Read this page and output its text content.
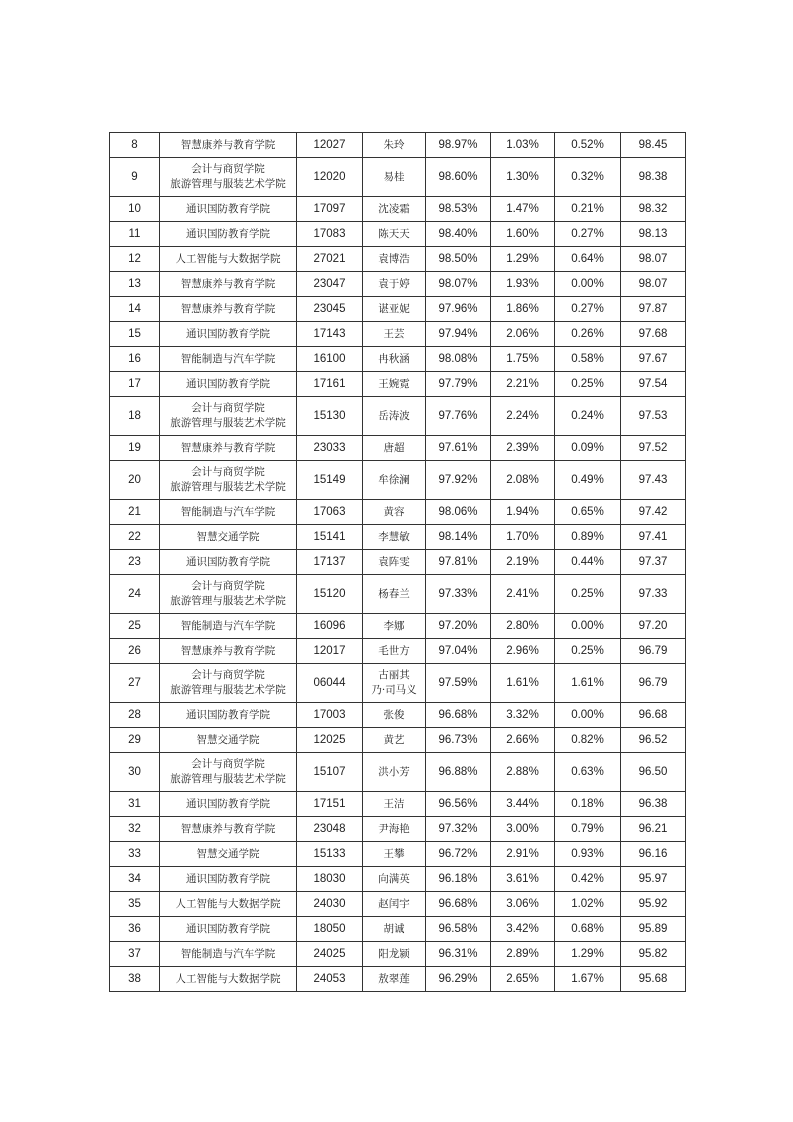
8	智慧康养与教育学院	12027	朱玲	98.97%	1.03%	0.52%	98.45
9	会计与商贸学院
旅游管理与服装艺术学院	12020	易桂	98.60%	1.30%	0.32%	98.38
10	通识国防教育学院	17097	沈凌霜	98.53%	1.47%	0.21%	98.32
11	通识国防教育学院	17083	陈天天	98.40%	1.60%	0.27%	98.13
12	人工智能与大数据学院	27021	袁博浩	98.50%	1.29%	0.64%	98.07
13	智慧康养与教育学院	23047	袁于婷	98.07%	1.93%	0.00%	98.07
14	智慧康养与教育学院	23045	谌亚妮	97.96%	1.86%	0.27%	97.87
15	通识国防教育学院	17143	王芸	97.94%	2.06%	0.26%	97.68
16	智能制造与汽车学院	16100	冉秋涵	98.08%	1.75%	0.58%	97.67
17	通识国防教育学院	17161	王婉霓	97.79%	2.21%	0.25%	97.54
18	会计与商贸学院
旅游管理与服装艺术学院	15130	岳涛波	97.76%	2.24%	0.24%	97.53
19	智慧康养与教育学院	23033	唐超	97.61%	2.39%	0.09%	97.52
20	会计与商贸学院
旅游管理与服装艺术学院	15149	牟徐澜	97.92%	2.08%	0.49%	97.43
21	智能制造与汽车学院	17063	黄容	98.06%	1.94%	0.65%	97.42
22	智慧交通学院	15141	李慧敏	98.14%	1.70%	0.89%	97.41
23	通识国防教育学院	17137	袁阵雯	97.81%	2.19%	0.44%	97.37
24	会计与商贸学院
旅游管理与服装艺术学院	15120	杨春兰	97.33%	2.41%	0.25%	97.33
25	智能制造与汽车学院	16096	李娜	97.20%	2.80%	0.00%	97.20
26	智慧康养与教育学院	12017	毛世方	97.04%	2.96%	0.25%	96.79
27	会计与商贸学院
旅游管理与服装艺术学院	06044	古丽其
乃·司马义	97.59%	1.61%	1.61%	96.79
28	通识国防教育学院	17003	张俊	96.68%	3.32%	0.00%	96.68
29	智慧交通学院	12025	黄艺	96.73%	2.66%	0.82%	96.52
30	会计与商贸学院
旅游管理与服装艺术学院	15107	洪小芳	96.88%	2.88%	0.63%	96.50
31	通识国防教育学院	17151	王洁	96.56%	3.44%	0.18%	96.38
32	智慧康养与教育学院	23048	尹海艳	97.32%	3.00%	0.79%	96.21
33	智慧交通学院	15133	王攀	96.72%	2.91%	0.93%	96.16
34	通识国防教育学院	18030	向满英	96.18%	3.61%	0.42%	95.97
35	人工智能与大数据学院	24030	赵闰宇	96.68%	3.06%	1.02%	95.92
36	通识国防教育学院	18050	胡诚	96.58%	3.42%	0.68%	95.89
37	智能制造与汽车学院	24025	阳龙颍	96.31%	2.89%	1.29%	95.82
38	人工智能与大数据学院	24053	敖翠莲	96.29%	2.65%	1.67%	95.68
